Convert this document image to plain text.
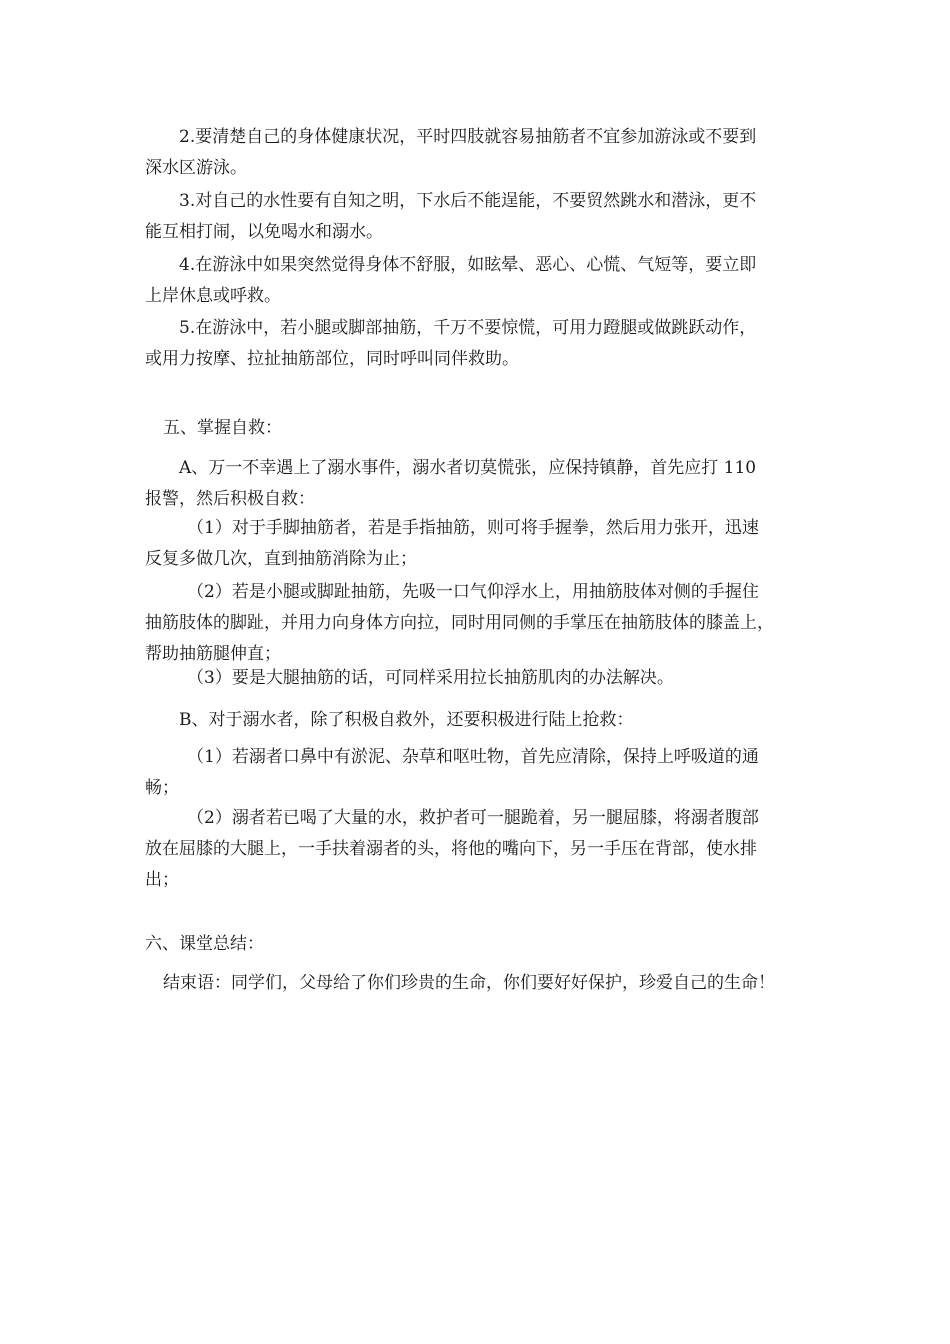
2.要清楚自己的身体健康状况，平时四肢就容易抽筋者不宜参加游泳或不要到
深水区游泳。
3.对自己的水性要有自知之明，下水后不能逞能，不要贸然跳水和潜泳，更不
能互相打闹，以免喝水和溺水。
4.在游泳中如果突然觉得身体不舒服，如眩晕、恶心、心慌、气短等，要立即
上岸休息或呼救。
5.在游泳中，若小腿或脚部抽筋，千万不要惊慌，可用力蹬腿或做跳跃动作，
或用力按摩、拉扯抽筋部位，同时呼叫同伴救助。
五、掌握自救：
A、万一不幸遇上了溺水事件，溺水者切莫慌张，应保持镇静，首先应打 110
报警，然后积极自救：
（1）对于手脚抽筋者，若是手指抽筋，则可将手握拳，然后用力张开，迅速
反复多做几次，直到抽筋消除为止；
（2）若是小腿或脚趾抽筋，先吸一口气仰浮水上，用抽筋肢体对侧的手握住
抽筋肢体的脚趾，并用力向身体方向拉，同时用同侧的手掌压在抽筋肢体的膝盖上，
帮助抽筋腿伸直；
（3）要是大腿抽筋的话，可同样采用拉长抽筋肌肉的办法解决。
B、对于溺水者，除了积极自救外，还要积极进行陆上抢救：
（1）若溺者口鼻中有淤泥、杂草和呕吐物，首先应清除，保持上呼吸道的通
畅；
（2）溺者若已喝了大量的水，救护者可一腿跪着，另一腿屈膝，将溺者腹部
放在屈膝的大腿上，一手扶着溺者的头，将他的嘴向下，另一手压在背部，使水排
出；
六、课堂总结：
结束语：同学们，父母给了你们珍贵的生命，你们要好好保护，珍爱自己的生命！
